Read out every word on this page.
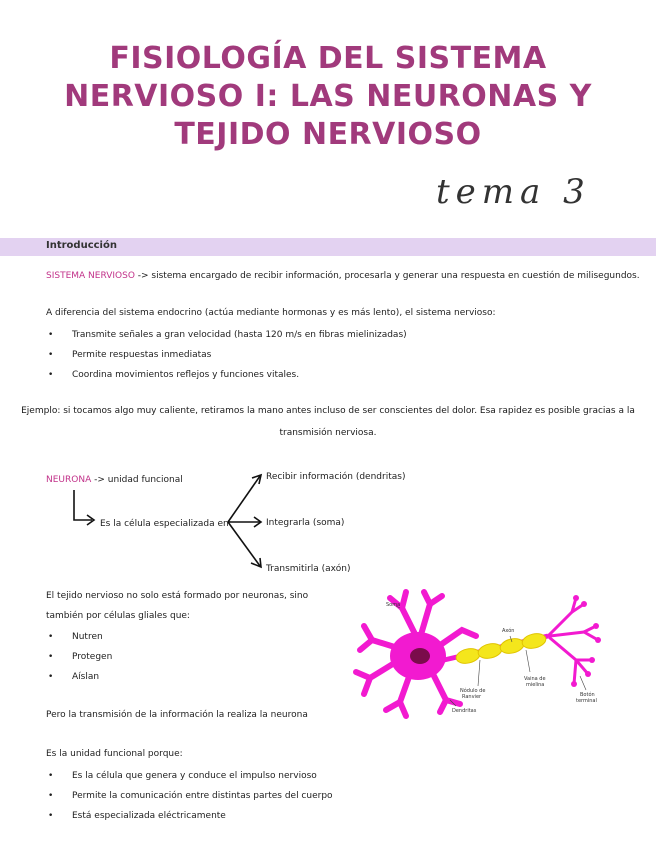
FISIOLOGÍA DEL SISTEMA
NERVIOSO I: LAS NEURONAS Y
TEJIDO NERVIOSO
tema 3
Introducción
SISTEMA NERVIOSO -> sistema encargado de recibir información, procesarla y generar una respuesta en cuestión de milisegundos.
A diferencia del sistema endocrino (actúa mediante hormonas y es más lento), el sistema nervioso:
• Transmite señales a gran velocidad (hasta 120 m/s en fibras mielinizadas)
• Permite respuestas inmediatas
• Coordina movimientos reflejos y funciones vitales.
Ejemplo: si tocamos algo muy caliente, retiramos la mano antes incluso de ser conscientes del dolor. Esa rapidez es posible gracias a la
transmisión nerviosa.
NEURONA -> unidad funcional
Es la célula especializada en:
Recibir información (dendritas)
Integrarla (soma)
Transmitirla (axón)
Soma
Axón
Nódulo de
Ranvier
Vaina de
mielina
Botón
terminal
Dendritas
El tejido nervioso no solo está formado por neuronas, sino
también por células gliales que:
• Nutren
• Protegen
• Aíslan
Pero la transmisión de la información la realiza la neurona
Es la unidad funcional porque:
• Es la célula que genera y conduce el impulso nervioso
• Permite la comunicación entre distintas partes del cuerpo
• Está especializada eléctricamente
